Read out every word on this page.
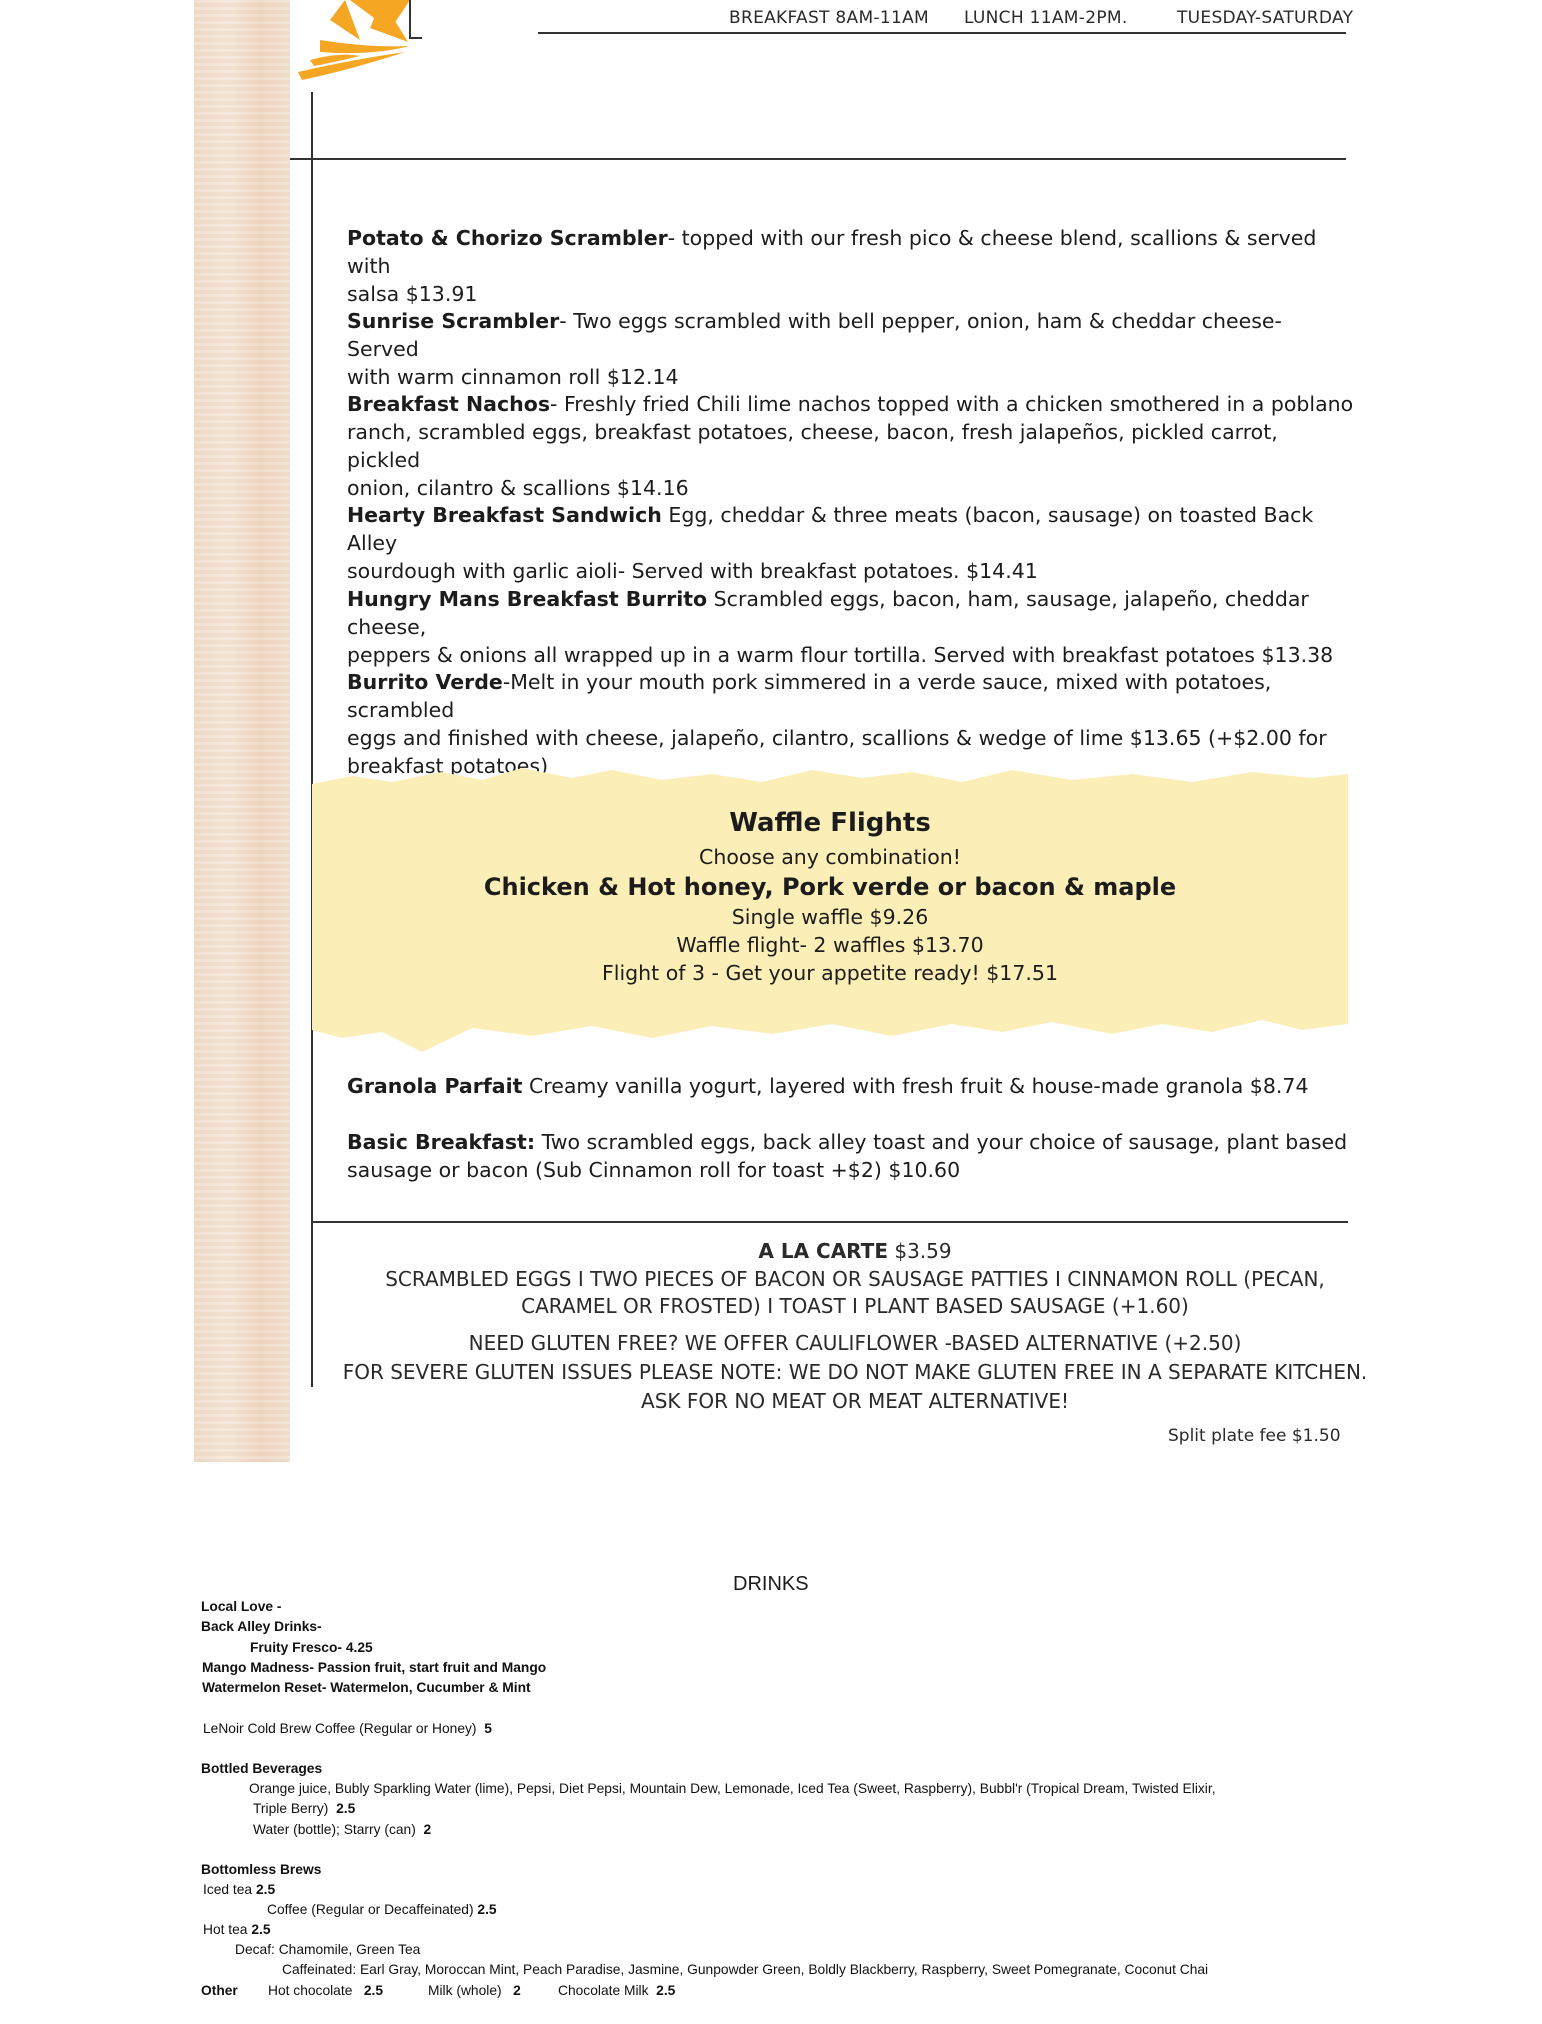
BREAKFAST 8AM-11AM LUNCH 11AM-2PM.	TUESDAY-SATURDAY
Potato & Chorizo Scrambler- topped with our fresh pico & cheese blend, scallions & served with
salsa $13.91
Sunrise Scrambler- Two eggs scrambled with bell pepper, onion, ham & cheddar cheese- Served
with warm cinnamon roll $12.14
Breakfast Nachos- Freshly fried Chili lime nachos topped with a chicken smothered in a poblano
ranch, scrambled eggs, breakfast potatoes, cheese, bacon, fresh jalapeños, pickled carrot, pickled
onion, cilantro & scallions $14.16
Hearty Breakfast Sandwich Egg, cheddar & three meats (bacon, sausage) on toasted Back Alley
sourdough with garlic aioli- Served with breakfast potatoes. $14.41
Hungry Mans Breakfast Burrito Scrambled eggs, bacon, ham, sausage, jalapeño, cheddar cheese,
peppers & onions all wrapped up in a warm flour tortilla. Served with breakfast potatoes $13.38
Burrito Verde-Melt in your mouth pork simmered in a verde sauce, mixed with potatoes, scrambled
eggs and finished with cheese, jalapeño, cilantro, scallions & wedge of lime $13.65 (+$2.00 for
breakfast potatoes)
Waffle Flights
Choose any combination!
Chicken & Hot honey, Pork verde or bacon & maple
Single waffle $9.26
Waffle flight- 2 waffles $13.70
Flight of 3 - Get your appetite ready! $17.51
Granola Parfait Creamy vanilla yogurt, layered with fresh fruit & house-made granola $8.74
Basic Breakfast: Two scrambled eggs, back alley toast and your choice of sausage, plant based
sausage or bacon (Sub Cinnamon roll for toast +$2) $10.60
A LA CARTE $3.59
SCRAMBLED EGGS I TWO PIECES OF BACON OR SAUSAGE PATTIES I CINNAMON ROLL (PECAN,
CARAMEL OR FROSTED) I TOAST I PLANT BASED SAUSAGE (+1.60)
NEED GLUTEN FREE? WE OFFER CAULIFLOWER -BASED ALTERNATIVE (+2.50)
FOR SEVERE GLUTEN ISSUES PLEASE NOTE: WE DO NOT MAKE GLUTEN FREE IN A SEPARATE KITCHEN.
ASK FOR NO MEAT OR MEAT ALTERNATIVE!
Split plate fee $1.50
DRINKS
Local Love -
Back Alley Drinks-
Fruity Fresco- 4.25
Mango Madness- Passion fruit, start fruit and Mango
Watermelon Reset- Watermelon, Cucumber & Mint
LeNoir Cold Brew Coffee (Regular or Honey) 5
Bottled Beverages
Orange juice, Bubly Sparkling Water (lime), Pepsi, Diet Pepsi, Mountain Dew, Lemonade, Iced Tea (Sweet, Raspberry), Bubbl'r (Tropical Dream, Twisted Elixir,
Triple Berry) 2.5
Water (bottle); Starry (can) 2
Bottomless Brews
Iced tea 2.5
Coffee (Regular or Decaffeinated) 2.5
Hot tea 2.5
Decaf: Chamomile, Green Tea
Caffeinated: Earl Gray, Moroccan Mint, Peach Paradise, Jasmine, Gunpowder Green, Boldly Blackberry, Raspberry, Sweet Pomegranate, Coconut Chai
Other Hot chocolate 2.5	Milk (whole) 2	Chocolate Milk 2.5
